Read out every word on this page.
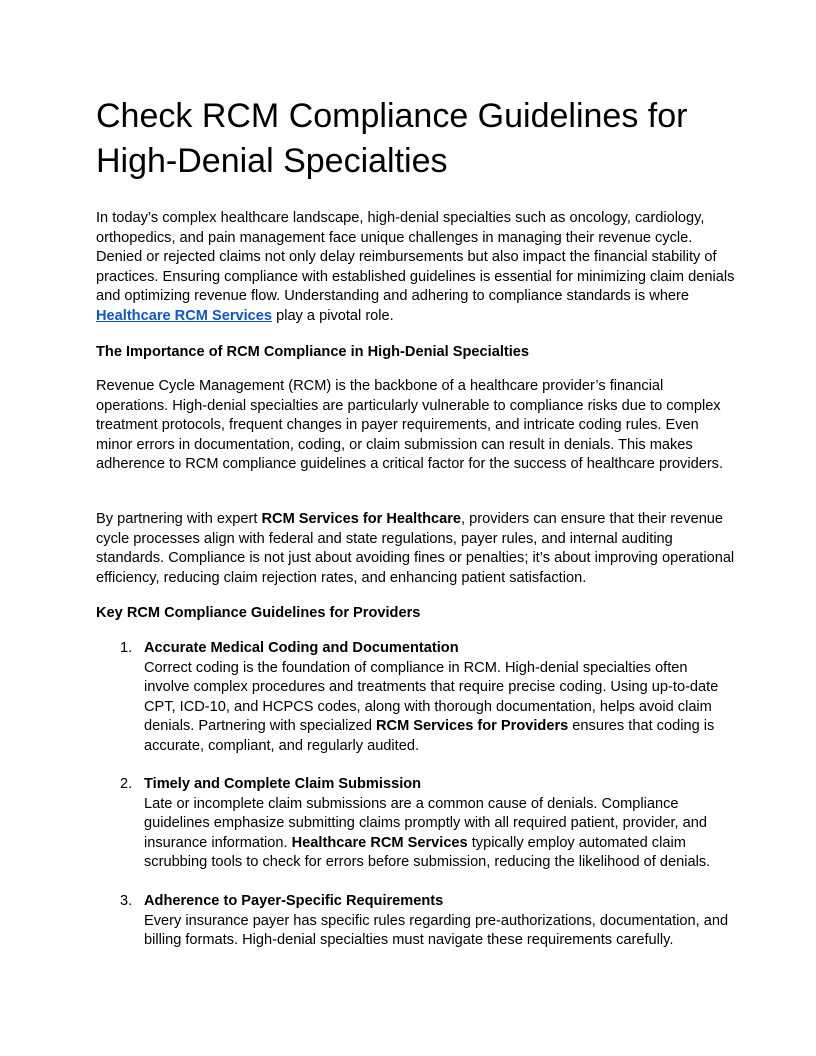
Check RCM Compliance Guidelines for High-Denial Specialties

In today’s complex healthcare landscape, high-denial specialties such as oncology, cardiology, orthopedics, and pain management face unique challenges in managing their revenue cycle. Denied or rejected claims not only delay reimbursements but also impact the financial stability of practices. Ensuring compliance with established guidelines is essential for minimizing claim denials and optimizing revenue flow. Understanding and adhering to compliance standards is where Healthcare RCM Services play a pivotal role.

The Importance of RCM Compliance in High-Denial Specialties

Revenue Cycle Management (RCM) is the backbone of a healthcare provider’s financial operations. High-denial specialties are particularly vulnerable to compliance risks due to complex treatment protocols, frequent changes in payer requirements, and intricate coding rules. Even minor errors in documentation, coding, or claim submission can result in denials. This makes adherence to RCM compliance guidelines a critical factor for the success of healthcare providers.

By partnering with expert RCM Services for Healthcare, providers can ensure that their revenue cycle processes align with federal and state regulations, payer rules, and internal auditing standards. Compliance is not just about avoiding fines or penalties; it’s about improving operational efficiency, reducing claim rejection rates, and enhancing patient satisfaction.

Key RCM Compliance Guidelines for Providers

1. Accurate Medical Coding and Documentation
Correct coding is the foundation of compliance in RCM. High-denial specialties often involve complex procedures and treatments that require precise coding. Using up-to-date CPT, ICD-10, and HCPCS codes, along with thorough documentation, helps avoid claim denials. Partnering with specialized RCM Services for Providers ensures that coding is accurate, compliant, and regularly audited.

2. Timely and Complete Claim Submission
Late or incomplete claim submissions are a common cause of denials. Compliance guidelines emphasize submitting claims promptly with all required patient, provider, and insurance information. Healthcare RCM Services typically employ automated claim scrubbing tools to check for errors before submission, reducing the likelihood of denials.

3. Adherence to Payer-Specific Requirements
Every insurance payer has specific rules regarding pre-authorizations, documentation, and billing formats. High-denial specialties must navigate these requirements carefully.
